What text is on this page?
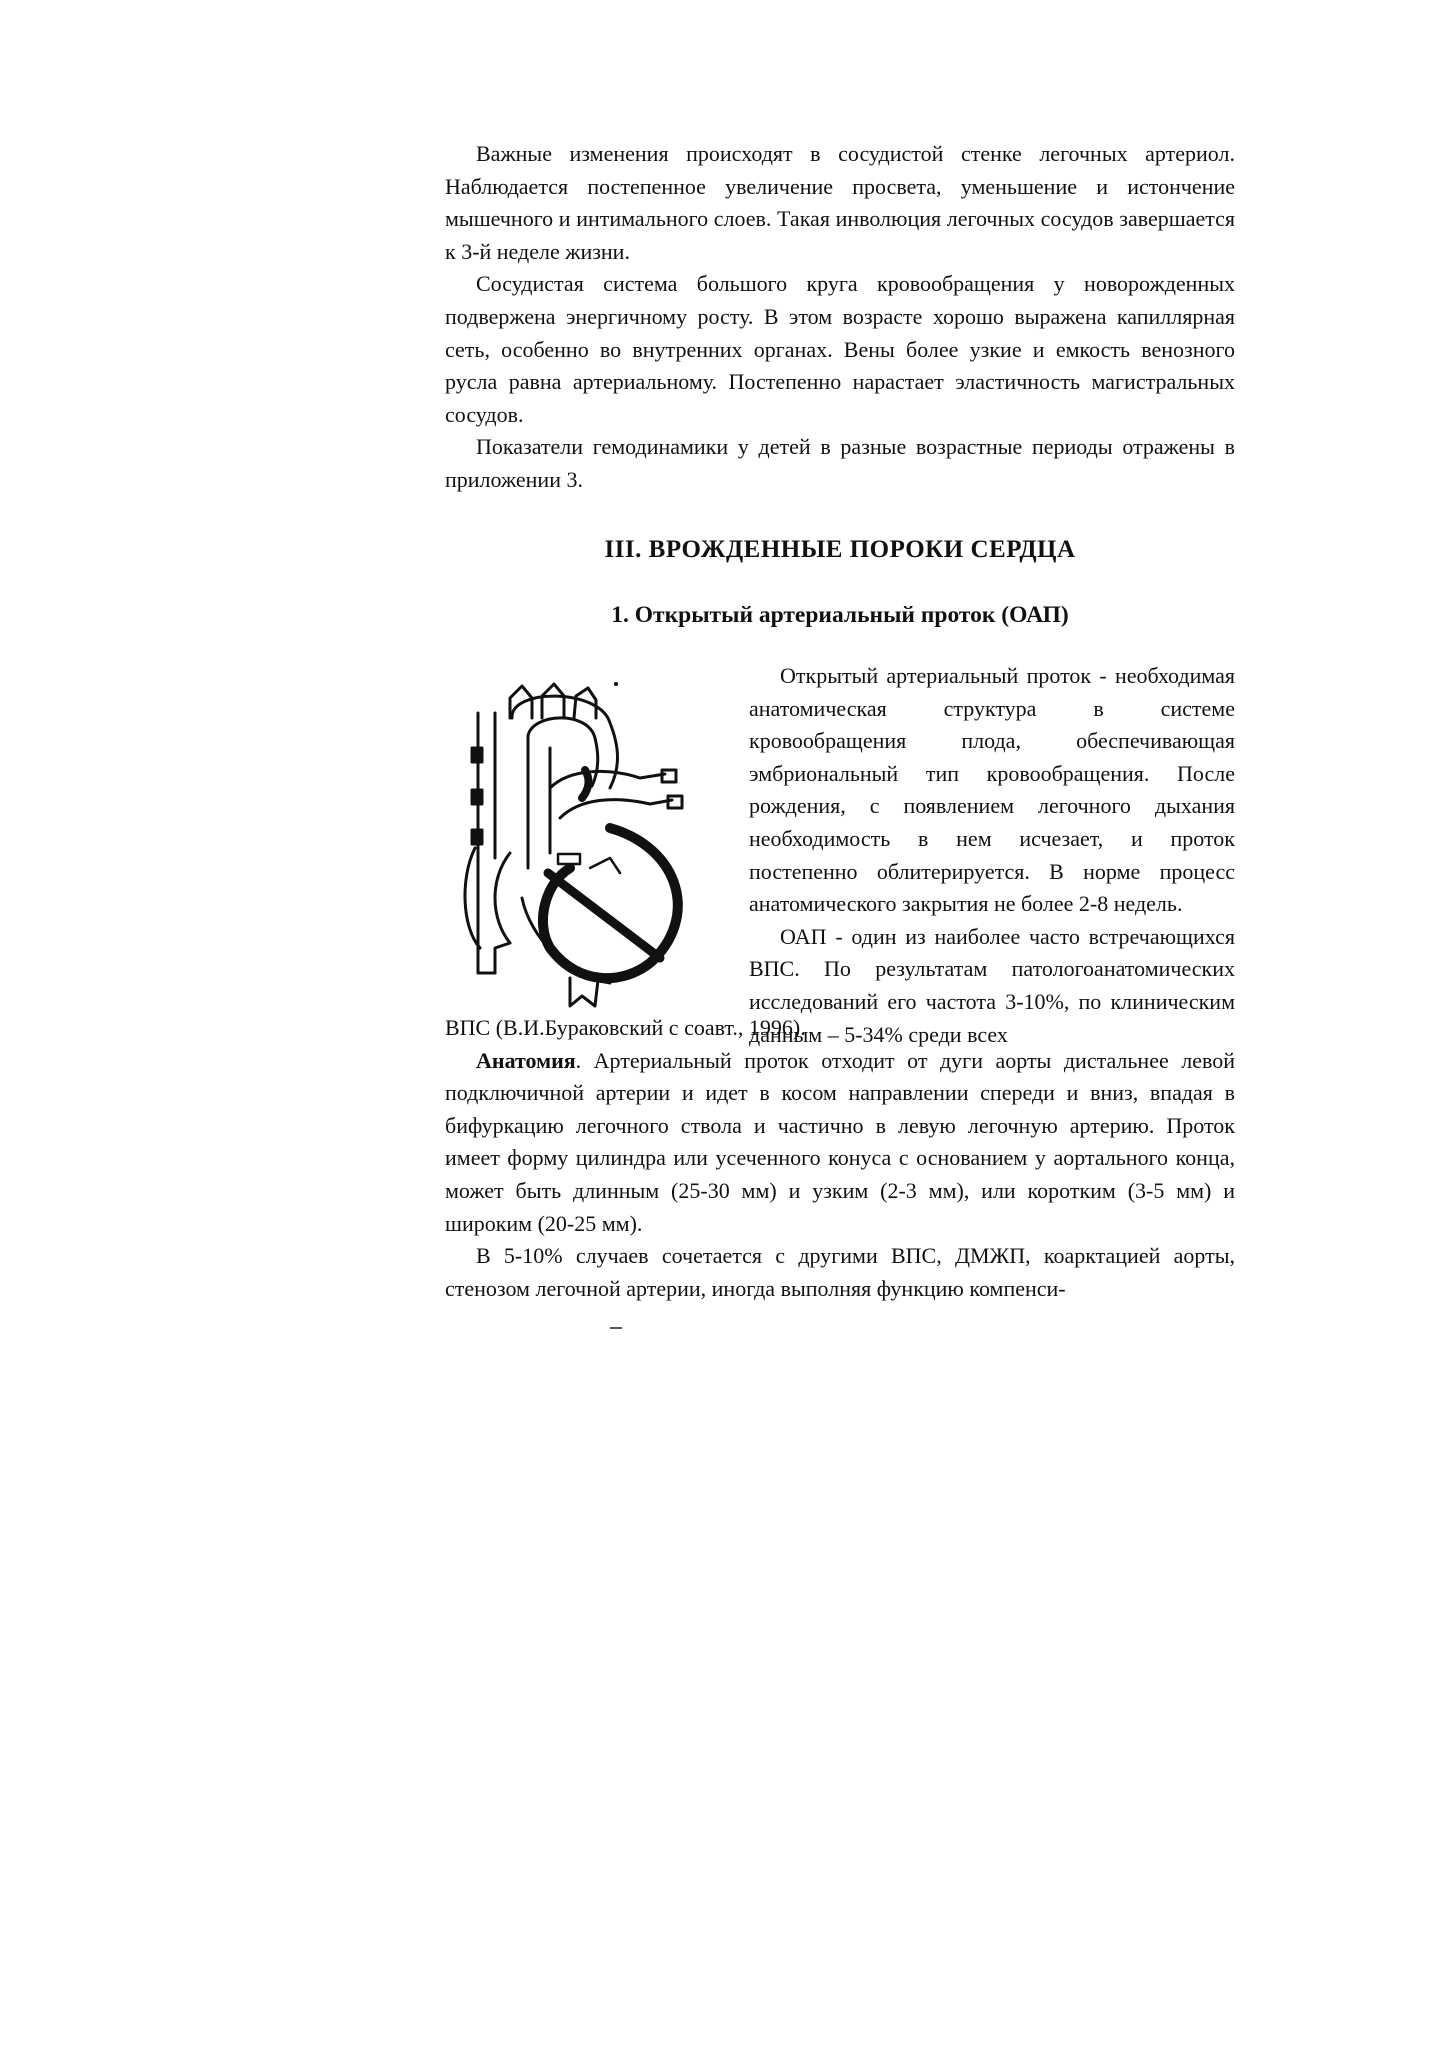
Важные изменения происходят в сосудистой стенке легочных артериол. Наблюдается постепенное увеличение просвета, уменьшение и истончение мышечного и интимального слоев. Такая инволюция легочных сосудов завершается к 3-й неделе жизни.

Сосудистая система большого круга кровообращения у новорожденных подвержена энергичному росту. В этом возрасте хорошо выражена капиллярная сеть, особенно во внутренних органах. Вены более узкие и емкость венозного русла равна артериальному. Постепенно нарастает эластичность магистральных сосудов.

Показатели гемодинамики у детей в разные возрастные периоды отражены в приложении 3.

III. ВРОЖДЕННЫЕ ПОРОКИ СЕРДЦА
1. Открытый артериальный проток (ОАП)

Открытый артериальный проток - необходимая анатомическая структура в системе кровообращения плода, обеспечивающая эмбриональный тип кровообращения. После рождения, с появлением легочного дыхания необходимость в нем исчезает, и проток постепенно облитерируется. В норме процесс анатомического закрытия не более 2-8 недель.

ОАП - один из наиболее часто встречающихся ВПС. По результатам патологоанатомических исследований его частота 3-10%, по клиническим данным – 5-34% среди всех

ВПС (В.И.Бураковский с соавт., 1996).

Анатомия. Артериальный проток отходит от дуги аорты дистальнее левой подключичной артерии и идет в косом направлении спереди и вниз, впадая в бифуркацию легочного ствола и частично в левую легочную артерию. Проток имеет форму цилиндра или усеченного конуса с основанием у аортального конца, может быть длинным (25-30 мм) и узким (2-3 мм), или коротким (3-5 мм) и широким (20-25 мм).

В 5-10% случаев сочетается с другими ВПС, ДМЖП, коарктацией аорты, стенозом легочной артерии, иногда выполняя функцию компенси-
